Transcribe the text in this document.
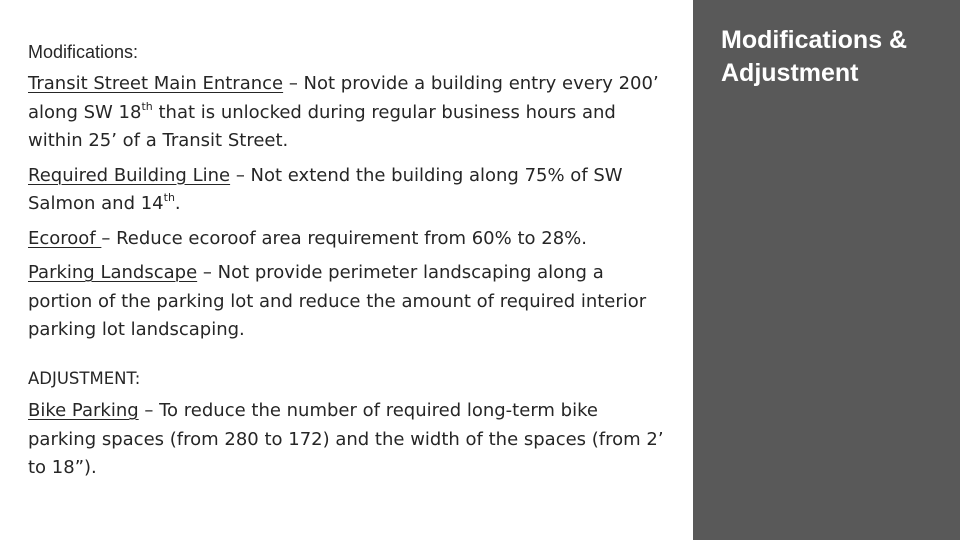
Modifications:

Transit Street Main Entrance – Not provide a building entry every 200’ along SW 18th that is unlocked during regular business hours and within 25’ of a Transit Street.

Required Building Line – Not extend the building along 75% of SW Salmon and 14th.

Ecoroof – Reduce ecoroof area requirement from 60% to 28%.

Parking Landscape – Not provide perimeter landscaping along a portion of the parking lot and reduce the amount of required interior parking lot landscaping.

ADJUSTMENT:

Bike Parking – To reduce the number of required long-term bike parking spaces (from 280 to 172) and the width of the spaces (from 2’ to 18”).

Modifications & Adjustment
